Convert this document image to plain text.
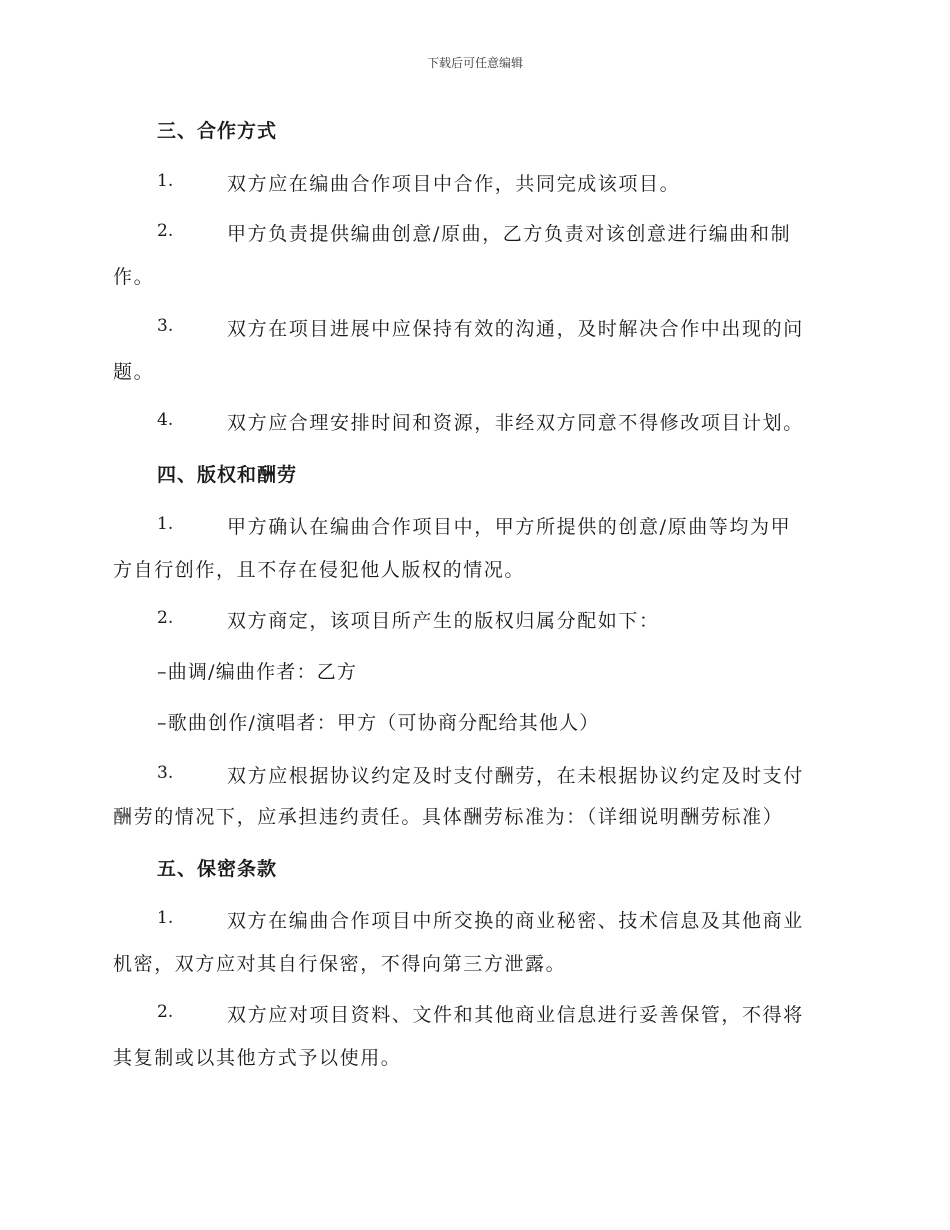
下载后可任意编辑
三、合作方式
1.	双方应在编曲合作项目中合作，共同完成该项目。
2.	甲方负责提供编曲创意/原曲，乙方负责对该创意进行编曲和制
作。
3.	双方在项目进展中应保持有效的沟通，及时解决合作中出现的问
题。
4.	双方应合理安排时间和资源，非经双方同意不得修改项目计划。
四、版权和酬劳
1.	甲方确认在编曲合作项目中，甲方所提供的创意/原曲等均为甲
方自行创作，且不存在侵犯他人版权的情况。
2.	双方商定，该项目所产生的版权归属分配如下：
–曲调/编曲作者：乙方
–歌曲创作/演唱者：甲方（可协商分配给其他人）
3.	双方应根据协议约定及时支付酬劳，在未根据协议约定及时支付
酬劳的情况下，应承担违约责任。具体酬劳标准为：（详细说明酬劳标准）
五、保密条款
1.	双方在编曲合作项目中所交换的商业秘密、技术信息及其他商业
机密，双方应对其自行保密，不得向第三方泄露。
2.	双方应对项目资料、文件和其他商业信息进行妥善保管，不得将
其复制或以其他方式予以使用。
